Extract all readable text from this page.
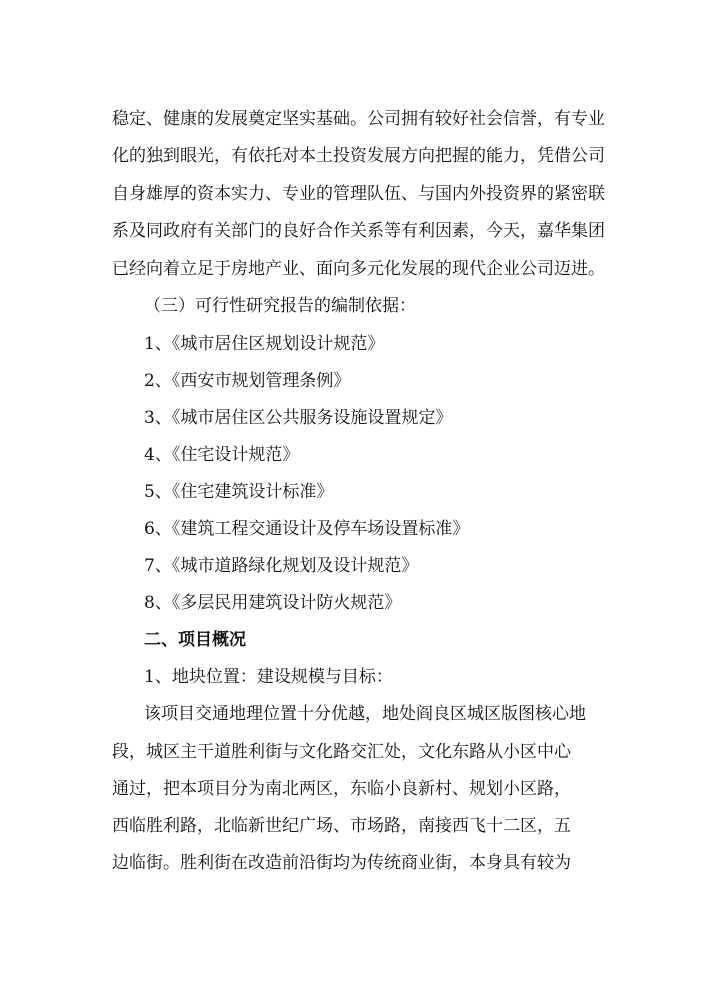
稳定、健康的发展奠定坚实基础。公司拥有较好社会信誉，有专业
化的独到眼光，有依托对本土投资发展方向把握的能力，凭借公司
自身雄厚的资本实力、专业的管理队伍、与国内外投资界的紧密联
系及同政府有关部门的良好合作关系等有利因素，今天，嘉华集团
已经向着立足于房地产业、面向多元化发展的现代企业公司迈进。
（三）可行性研究报告的编制依据：
1、《城市居住区规划设计规范》
2、《西安市规划管理条例》
3、《城市居住区公共服务设施设置规定》
4、《住宅设计规范》
5、《住宅建筑设计标准》
6、《建筑工程交通设计及停车场设置标准》
7、《城市道路绿化规划及设计规范》
8、《多层民用建筑设计防火规范》
二、项目概况
1、地块位置：建设规模与目标：
该项目交通地理位置十分优越，地处阎良区城区版图核心地
段，城区主干道胜利街与文化路交汇处，文化东路从小区中心
通过，把本项目分为南北两区，东临小良新村、规划小区路，
西临胜利路，北临新世纪广场、市场路，南接西飞十二区，五
边临街。胜利街在改造前沿街均为传统商业街，本身具有较为
